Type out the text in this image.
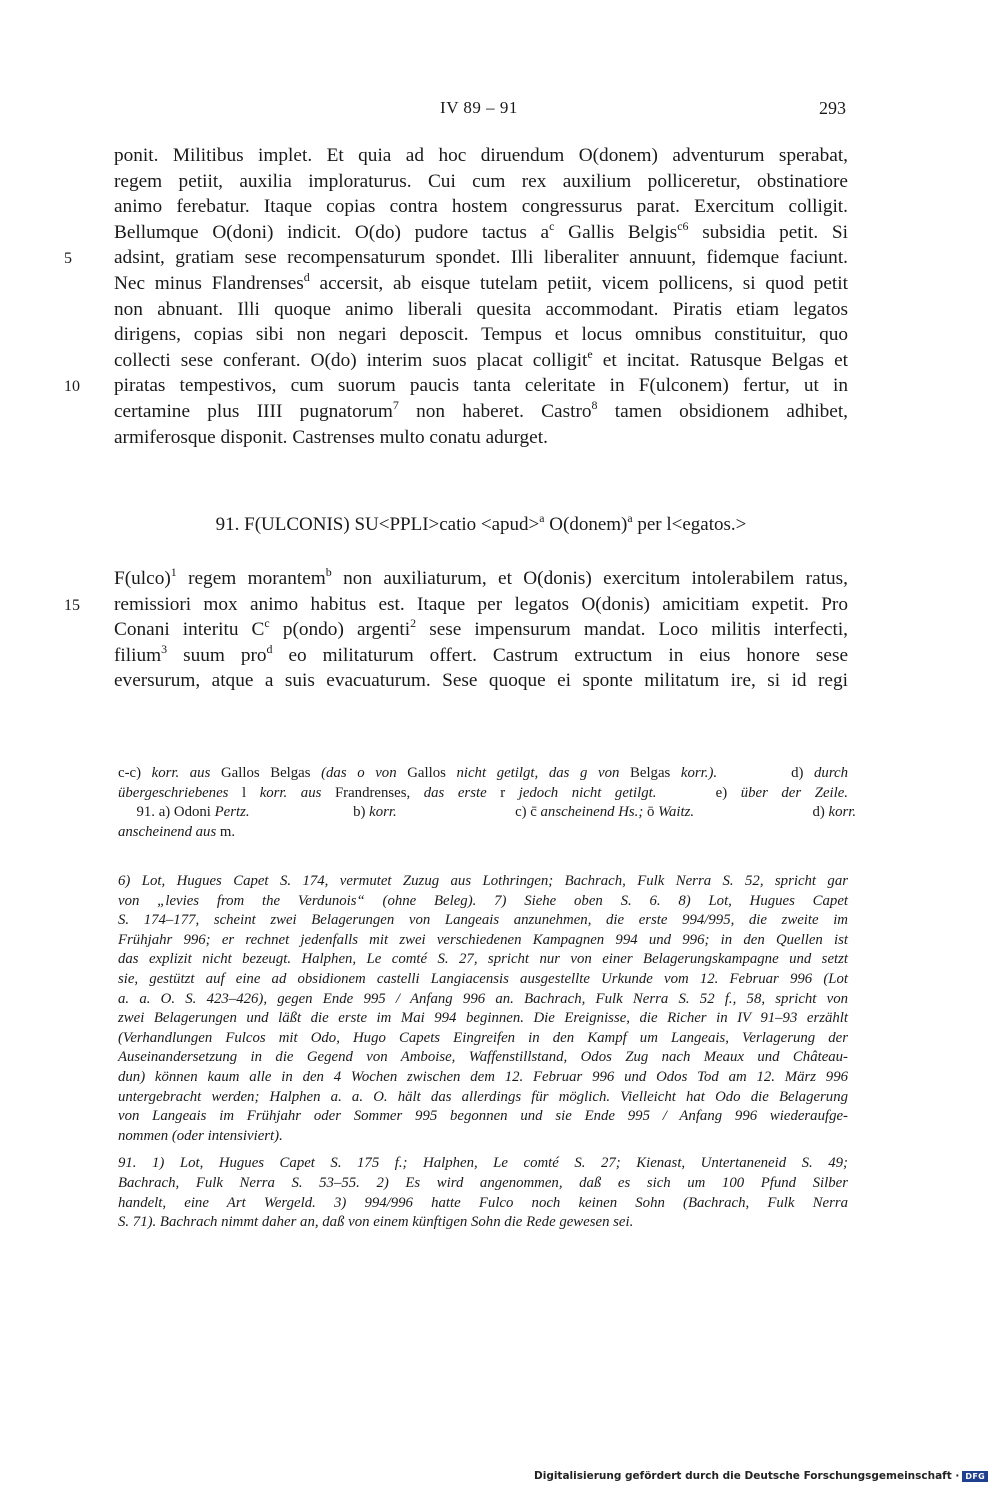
IV 89 – 91	293
ponit. Militibus implet. Et quia ad hoc diruendum O(donem) adventurum sperabat,
regem petiit, auxilia imploraturus. Cui cum rex auxilium polliceretur, obstinatiore
animo ferebatur. Itaque copias contra hostem congressurus parat. Exercitum colligit.
Bellumque O(doni) indicit. O(do) pudore tactus $a^c$ Gallis Belgis$^{c6}$ subsidia petit. Si
5	adsint, gratiam sese recompensaturum spondet. Illi liberaliter annuunt, fidemque faciunt.
Nec minus Flandrenses$^d$ accersit, ab eisque tutelam petiit, vicem pollicens, si quod petit
non abnuant. Illi quoque animo liberali quesita accommodant. Piratis etiam legatos
dirigens, copias sibi non negari deposcit. Tempus et locus omnibus constituitur, quo
collecti sese conferant. O(do) interim suos placat colligit$^e$ et incitat. Ratusque Belgas et
10	piratas tempestivos, cum suorum paucis tanta celeritate in F(ulconem) fertur, ut in
certamine plus IIII pugnatorum$^7$ non haberet. Castro$^8$ tamen obsidionem adhibet,
armiferosque disponit. Castrenses multo conatu adurget.
91. F(ULCONIS) SU<PPLI>catio <apud>$^a$ O(donem)$^a$ per l<egatos.>
F(ulco)$^1$ regem morantem$^b$ non auxiliaturum, et O(donis) exercitum intolerabilem ratus,
15	remissiori mox animo habitus est. Itaque per legatos O(donis) amicitiam expetit. Pro
Conani interitu $C^c$ p(ondo) argenti$^2$ sese impensurum mandat. Loco militis interfecti,
filium$^3$ suum pro$^d$ eo militaturum offert. Castrum extructum in eius honore sese
eversurum, atque a suis evacuaturum. Sese quoque ei sponte militatum ire, si id regi
c-c) korr. aus Gallos Belgas (das o von Gallos nicht getilgt, das g von Belgas korr.).     	d) durch
übergeschriebenes l korr. aus Frandrenses, das erste r jedoch nicht getilgt.    	e) über der Zeile.
  91. a) Odoni Pertz.       	b) korr.        	c) c̄ anscheinend Hs.; ō Waitz.        	d) korr.
anscheinend aus m.
6) Lot, Hugues Capet S. 174, vermutet Zuzug aus Lothringen; Bachrach, Fulk Nerra S. 52, spricht gar
von „levies from the Verdunois“ (ohne Beleg). 7) Siehe oben S. 6. 8) Lot, Hugues Capet
S. 174–177, scheint zwei Belagerungen von Langeais anzunehmen, die erste 994/995, die zweite im
Frühjahr 996; er rechnet jedenfalls mit zwei verschiedenen Kampagnen 994 und 996; in den Quellen ist
das explizit nicht bezeugt. Halphen, Le comté S. 27, spricht nur von einer Belagerungskampagne und setzt
sie, gestützt auf eine ad obsidionem castelli Langiacensis ausgestellte Urkunde vom 12. Februar 996 (Lot
a. a. O. S. 423–426), gegen Ende 995 / Anfang 996 an. Bachrach, Fulk Nerra S. 52 f., 58, spricht von
zwei Belagerungen und läßt die erste im Mai 994 beginnen. Die Ereignisse, die Richer in IV 91–93 erzählt
(Verhandlungen Fulcos mit Odo, Hugo Capets Eingreifen in den Kampf um Langeais, Verlagerung der
Auseinandersetzung in die Gegend von Amboise, Waffenstillstand, Odos Zug nach Meaux und Château-
dun) können kaum alle in den 4 Wochen zwischen dem 12. Februar 996 und Odos Tod am 12. März 996
untergebracht werden; Halphen a. a. O. hält das allerdings für möglich. Vielleicht hat Odo die Belagerung
von Langeais im Frühjahr oder Sommer 995 begonnen und sie Ende 995 / Anfang 996 wiederaufge-
nommen (oder intensiviert).
91. 1) Lot, Hugues Capet S. 175 f.; Halphen, Le comté S. 27; Kienast, Untertaneneid S. 49;
Bachrach, Fulk Nerra S. 53–55. 2) Es wird angenommen, daß es sich um 100 Pfund Silber
handelt, eine Art Wergeld. 3) 994/996 hatte Fulco noch keinen Sohn (Bachrach, Fulk Nerra
S. 71). Bachrach nimmt daher an, daß von einem künftigen Sohn die Rede gewesen sei.
Digitalisierung gefördert durch die Deutsche Forschungsgemeinschaft · DFG
